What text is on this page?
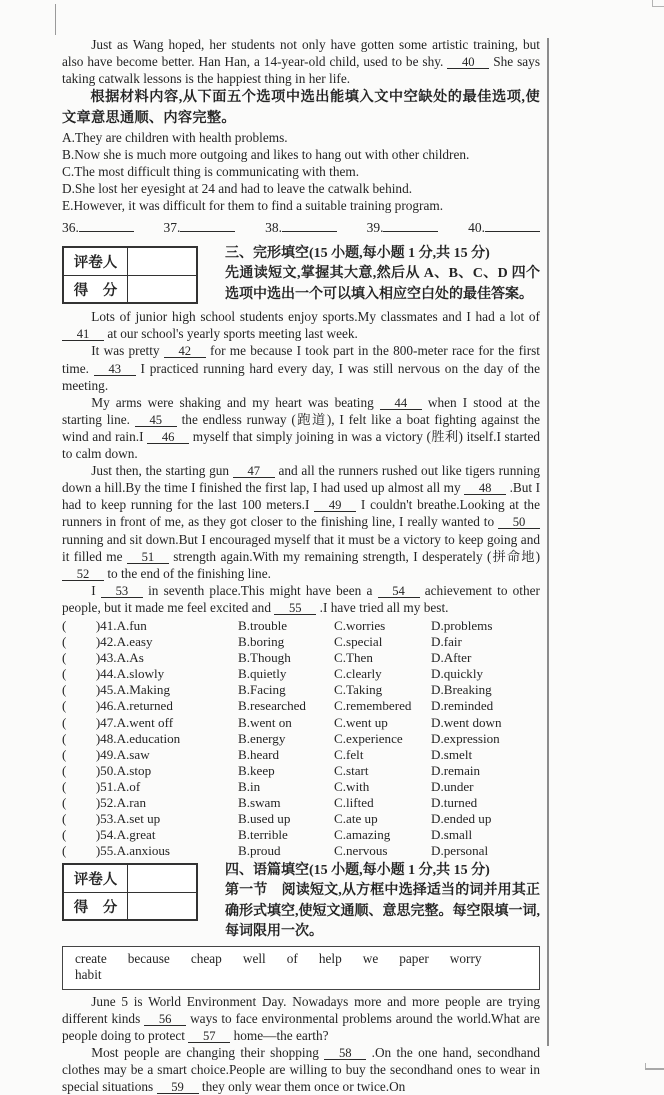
Just as Wang hoped, her students not only have gotten some artistic training, but also have become better. Han Han, a 14-year-old child, used to be shy. 40 She says taking catwalk lessons is the happiest thing in her life.

根据材料内容,从下面五个选项中选出能填入文中空缺处的最佳选项,使文章意思通顺、内容完整。

A.They are children with health problems.

B.Now she is much more outgoing and likes to hang out with other children.

C.The most difficult thing is communicating with them.

D.She lost her eyesight at 24 and had to leave the catwalk behind.

E.However, it was difficult for them to find a suitable training program.

36.	37.	38.	39.	40.
评卷人
得　分

三、完形填空(15 小题,每小题 1 分,共 15 分)

先通读短文,掌握其大意,然后从 A、B、C、D 四个选项中选出一个可以填入相应空白处的最佳答案。

Lots of junior high school students enjoy sports.My classmates and I had a lot of 41 at our school's yearly sports meeting last week.

It was pretty 42 for me because I took part in the 800-meter race for the first time. 43 I practiced running hard every day, I was still nervous on the day of the meeting.

My arms were shaking and my heart was beating 44 when I stood at the starting line. 45 the endless runway (跑道), I felt like a boat fighting against the wind and rain.I 46 myself that simply joining in was a victory (胜利) itself.I started to calm down.

Just then, the starting gun 47 and all the runners rushed out like tigers running down a hill.By the time I finished the first lap, I had used up almost all my 48 .But I had to keep running for the last 100 meters.I 49 I couldn't breathe.Looking at the runners in front of me, as they got closer to the finishing line, I really wanted to 50 running and sit down.But I encouraged myself that it must be a victory to keep going and it filled me 51 strength again.With my remaining strength, I desperately (拼命地) 52 to the end of the finishing line.

I 53 in seventh place.This might have been a 54 achievement to other people, but it made me feel excited and 55 .I have tried all my best.

(         )41.A.fun	B.trouble	C.worries	D.problems
(         )42.A.easy	B.boring	C.special	D.fair
(         )43.A.As	B.Though	C.Then	D.After
(         )44.A.slowly	B.quietly	C.clearly	D.quickly
(         )45.A.Making	B.Facing	C.Taking	D.Breaking
(         )46.A.returned	B.researched	C.remembered	D.reminded
(         )47.A.went off	B.went on	C.went up	D.went down
(         )48.A.education	B.energy	C.experience	D.expression
(         )49.A.saw	B.heard	C.felt	D.smelt
(         )50.A.stop	B.keep	C.start	D.remain
(         )51.A.of	B.in	C.with	D.under
(         )52.A.ran	B.swam	C.lifted	D.turned
(         )53.A.set up	B.used up	C.ate up	D.ended up
(         )54.A.great	B.terrible	C.amazing	D.small
(         )55.A.anxious	B.proud	C.nervous	D.personal
评卷人
得　分

四、语篇填空(15 小题,每小题 1 分,共 15 分)

第一节　阅读短文,从方框中选择适当的词并用其正确形式填空,使短文通顺、意思完整。每空限填一词,每词限用一次。

create because cheap well of help we paper worry
habit

June 5 is World Environment Day. Nowadays more and more people are trying different kinds 56 ways to face environmental problems around the world.What are people doing to protect 57 home—the earth?

Most people are changing their shopping 58 .On the one hand, secondhand clothes may be a smart choice.People are willing to buy the secondhand ones to wear in special situations 59 they only wear them once or twice.On
